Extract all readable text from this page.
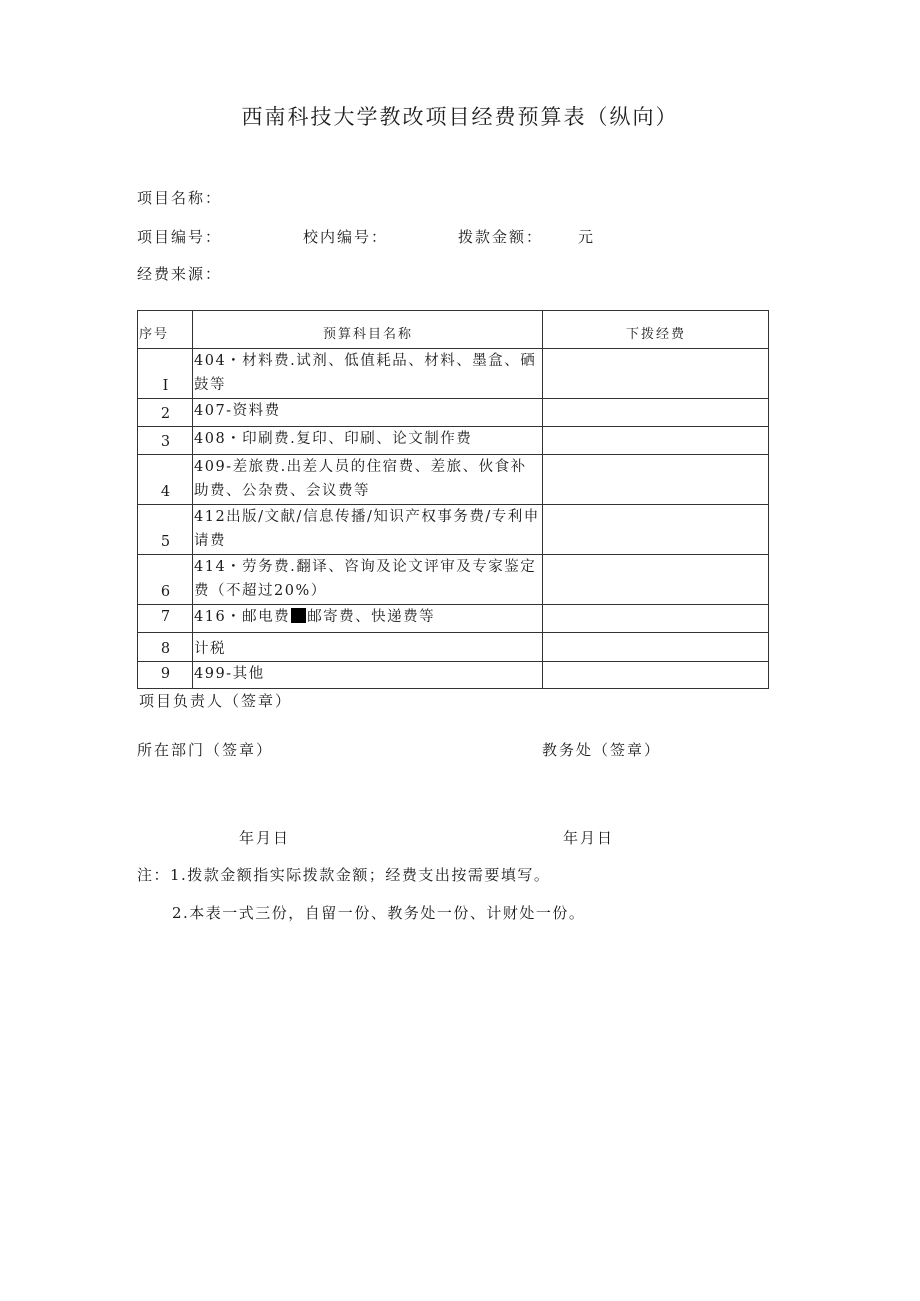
西南科技大学教改项目经费预算表（纵向）
项目名称：
项目编号：	校内编号：	拨款金额： 元
经费来源：
序号	预算科目名称	下拨经费
I	404・材料费.试剂、低值耗品、材料、墨盒、硒鼓等	
2	407-资料费	
3	408・印刷费.复印、印刷、论文制作费	
4	409-差旅费.出差人员的住宿费、差旅、伙食补助费、公杂费、会议费等	
5	412出版/文献/信息传播/知识产权事务费/专利申请费	
6	414・劳务费.翻译、咨询及论文评审及专家鉴定费（不超过20%）	
7	416・邮电费 邮寄费、快递费等	
8	计税	
9	499-其他	
项目负责人（签章）
所在部门（签章）	教务处（签章）
年月日	年月日
注：1.拨款金额指实际拨款金额；经费支出按需要填写。
2.本表一式三份，自留一份、教务处一份、计财处一份。
